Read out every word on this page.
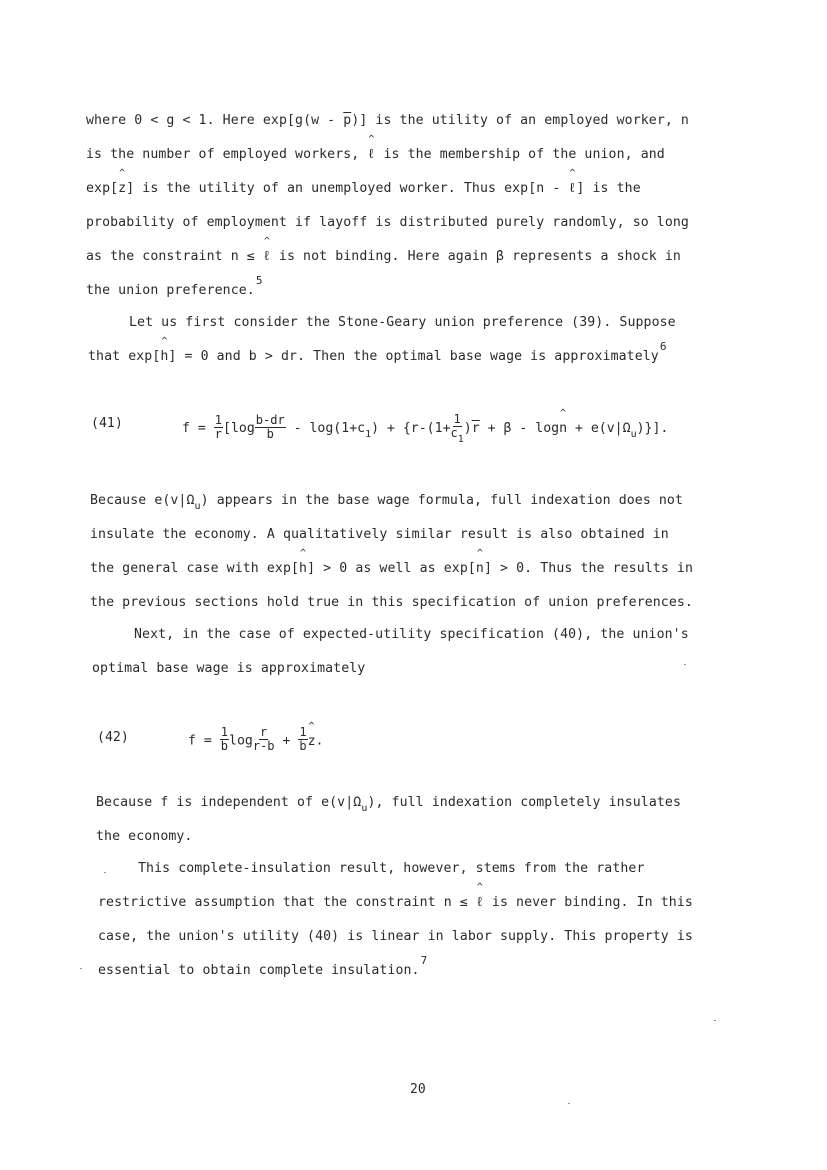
where 0 < g < 1. Here $\exp[g(w - \overline{p})]$ is the utility of an employed worker, n
is the number of employed workers, ^ ℓ is the membership of the union, and
exp[^ z] is the utility of an unemployed worker. Thus exp[n - ^ ℓ] is the
probability of employment if layoff is distributed purely randomly, so long
as the constraint n ≤ ^ ℓ is not binding. Here again β represents a shock in
the union preference.$^5$
Let us first consider the Stone-Geary union preference (39). Suppose
that exp[^ h] = 0 and b > dr. Then the optimal base wage is approximately$^6$
(41)	$f = \frac{1}{r} [\log \frac{b-dr}{b} - \log(1+c_1) + \{r-(1+ \frac{1}{c_1} )\overline{r} + \beta$ - log^ $n + e(v|\Omega_u)$}].
Because $e(v|\Omega_u)$ appears in the base wage formula, full indexation does not
insulate the economy. A qualitatively similar result is also obtained in
the general case with exp[^ h] > 0 as well as exp[^ n] > 0. Thus the results in
the previous sections hold true in this specification of union preferences.
Next, in the case of expected-utility specification (40), the union's
optimal base wage is approximately
(42)	$f = \frac{1}{b}$ $\log \frac{r}{r-b} + \frac{1}{b}$ ^ z.
Because f is independent of $e(v|\Omega_u)$, full indexation completely insulates
the economy.
This complete-insulation result, however, stems from the rather
restrictive assumption that the constraint n ≤ ^ ℓ is never binding. In this
case, the union's utility (40) is linear in labor supply. This property is
essential to obtain complete insulation.$^7$
20
